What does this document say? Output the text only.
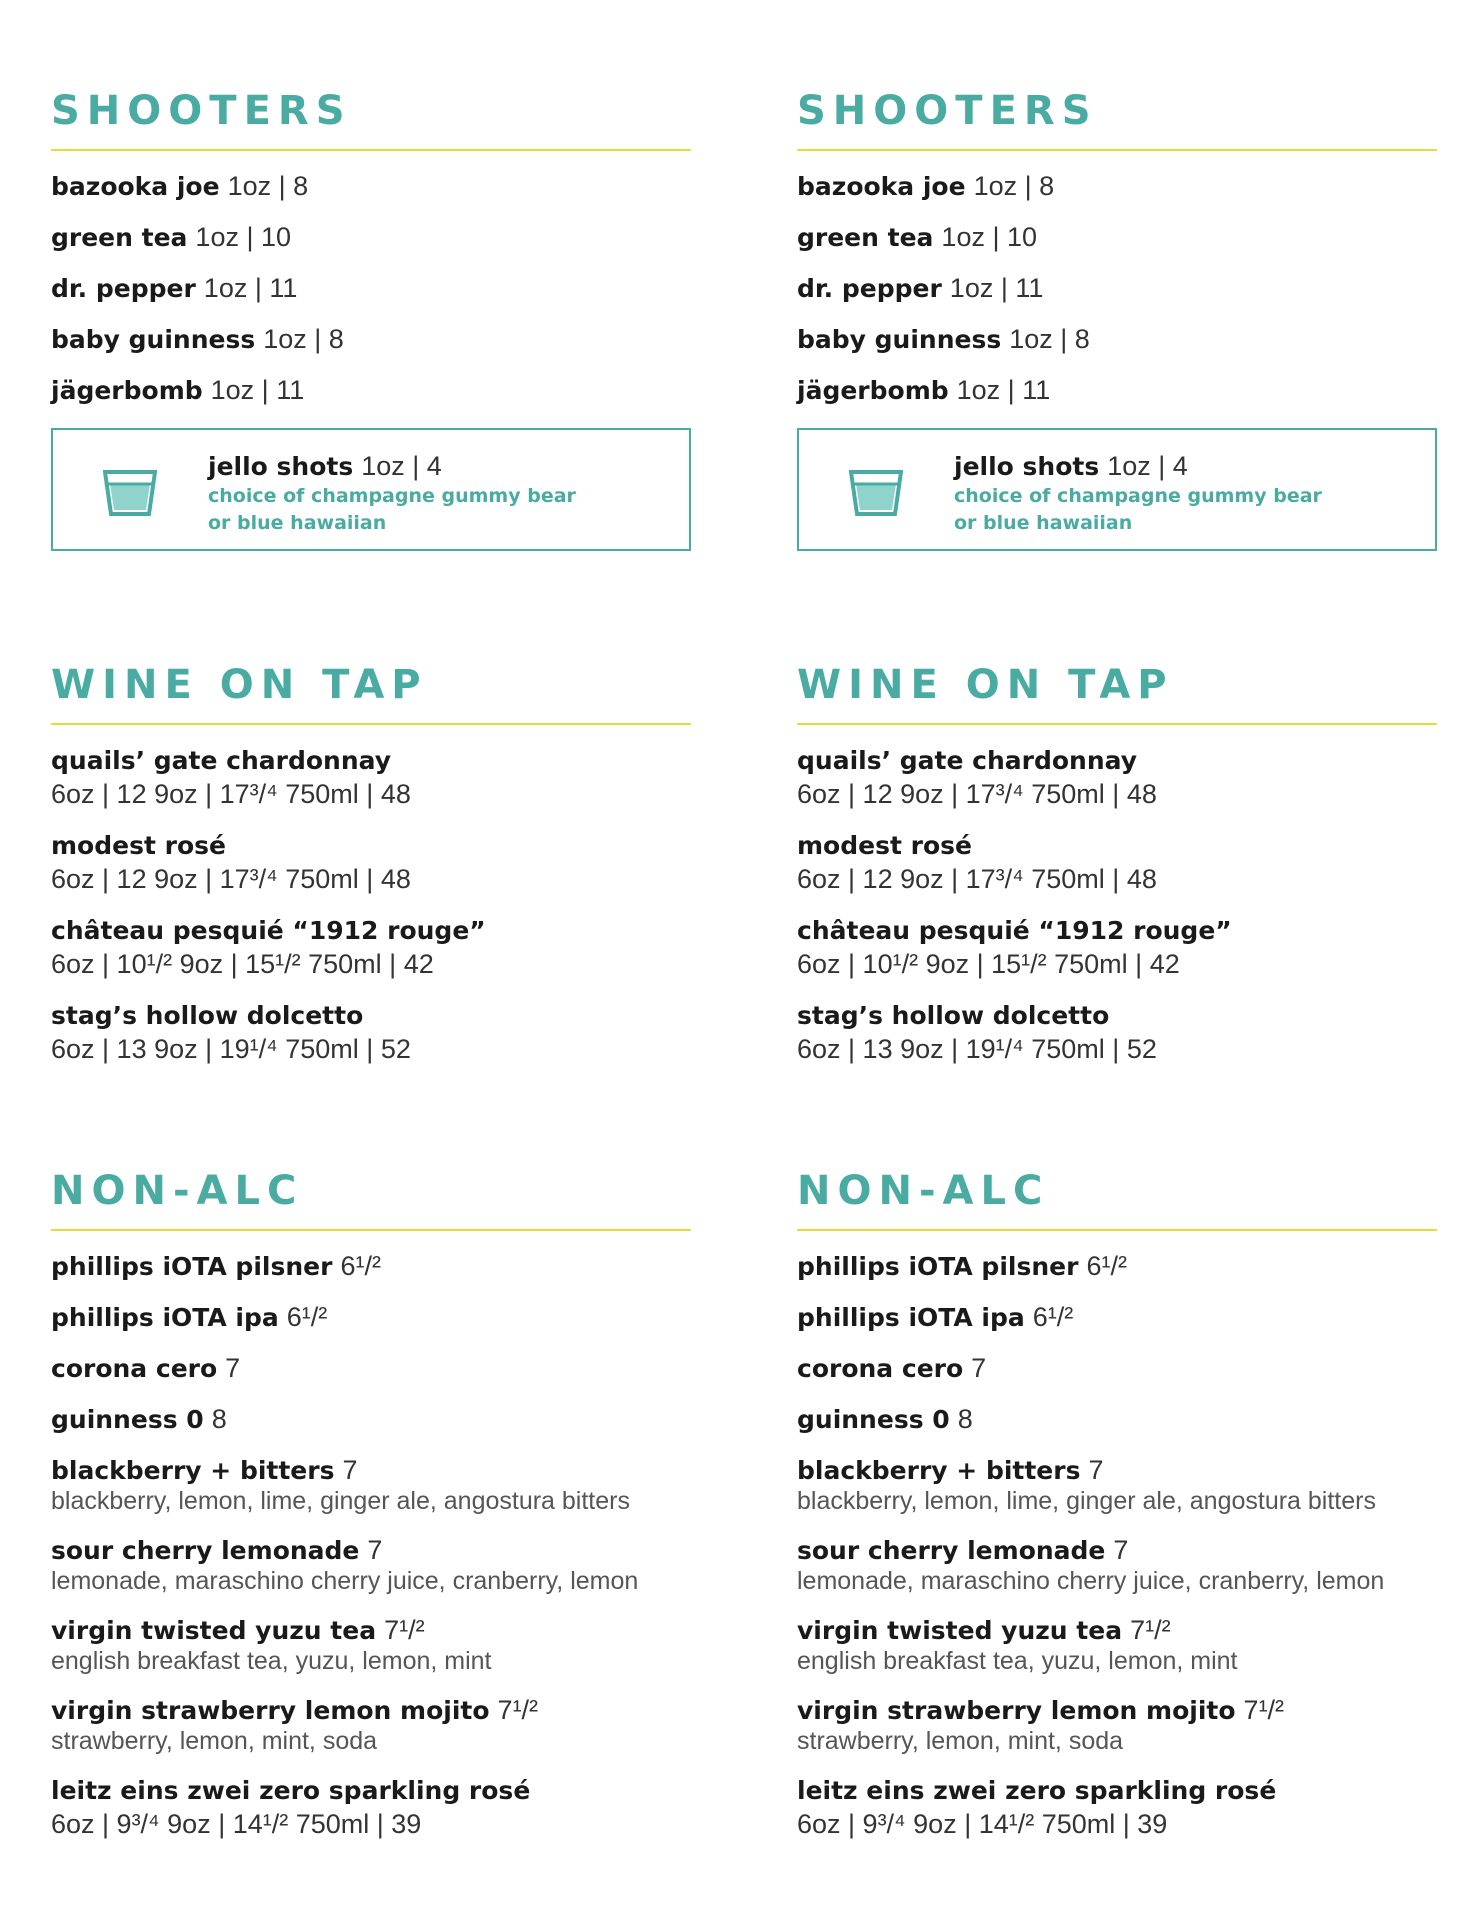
SHOOTERS
bazooka joe 1oz | 8
green tea 1oz | 10
dr. pepper 1oz | 11
baby guinness 1oz | 8
jägerbomb 1oz | 11
jello shots 1oz | 4
choice of champagne gummy bear
or blue hawaiian
WINE ON TAP
quails’ gate chardonnay
6oz | 12 9oz | 17³/⁴ 750ml | 48
modest rosé
6oz | 12 9oz | 17³/⁴ 750ml | 48
château pesquié “1912 rouge”
6oz | 10¹/² 9oz | 15¹/² 750ml | 42
stag’s hollow dolcetto
6oz | 13 9oz | 19¹/⁴ 750ml | 52
NON-ALC
phillips iOTA pilsner 6¹/²
phillips iOTA ipa 6¹/²
corona cero 7
guinness 0 8
blackberry + bitters 7
blackberry, lemon, lime, ginger ale, angostura bitters
sour cherry lemonade 7
lemonade, maraschino cherry juice, cranberry, lemon
virgin twisted yuzu tea 7¹/²
english breakfast tea, yuzu, lemon, mint
virgin strawberry lemon mojito 7¹/²
strawberry, lemon, mint, soda
leitz eins zwei zero sparkling rosé
6oz | 9³/⁴ 9oz | 14¹/² 750ml | 39
SHOOTERS
bazooka joe 1oz | 8
green tea 1oz | 10
dr. pepper 1oz | 11
baby guinness 1oz | 8
jägerbomb 1oz | 11
jello shots 1oz | 4
choice of champagne gummy bear
or blue hawaiian
WINE ON TAP
quails’ gate chardonnay
6oz | 12 9oz | 17³/⁴ 750ml | 48
modest rosé
6oz | 12 9oz | 17³/⁴ 750ml | 48
château pesquié “1912 rouge”
6oz | 10¹/² 9oz | 15¹/² 750ml | 42
stag’s hollow dolcetto
6oz | 13 9oz | 19¹/⁴ 750ml | 52
NON-ALC
phillips iOTA pilsner 6¹/²
phillips iOTA ipa 6¹/²
corona cero 7
guinness 0 8
blackberry + bitters 7
blackberry, lemon, lime, ginger ale, angostura bitters
sour cherry lemonade 7
lemonade, maraschino cherry juice, cranberry, lemon
virgin twisted yuzu tea 7¹/²
english breakfast tea, yuzu, lemon, mint
virgin strawberry lemon mojito 7¹/²
strawberry, lemon, mint, soda
leitz eins zwei zero sparkling rosé
6oz | 9³/⁴ 9oz | 14¹/² 750ml | 39
